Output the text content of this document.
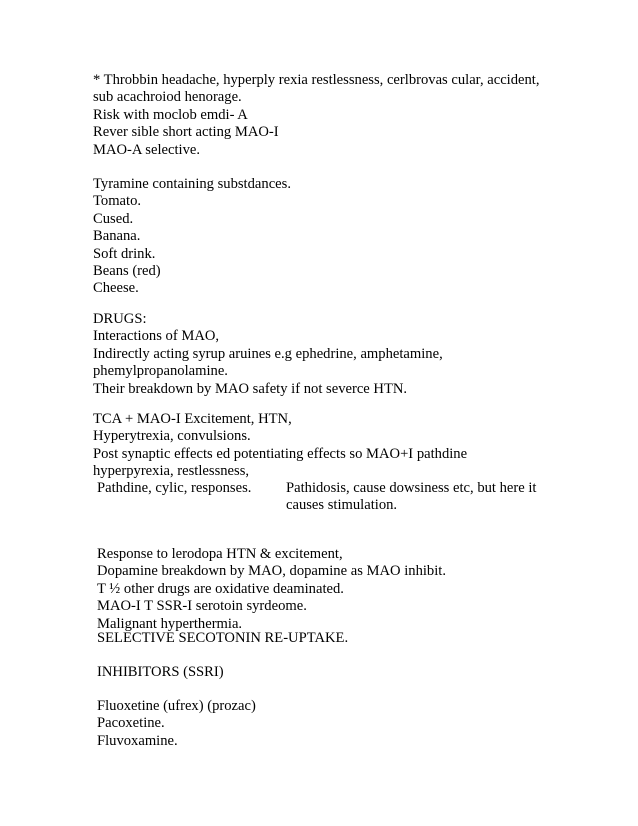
* Throbbin headache, hyperply rexia restlessness, cerlbrovas cular, accident,
sub acachroiod henorage.
Risk with moclob emdi- A
Rever sible short acting MAO-I
MAO-A selective.
Tyramine containing substdances.
Tomato.
Cused.
Banana.
Soft drink.
Beans (red)
Cheese.
DRUGS:
Interactions of MAO,
Indirectly acting syrup aruines e.g ephedrine, amphetamine,
phemylpropanolamine.
Their breakdown by MAO safety if not severce HTN.
TCA + MAO-I Excitement, HTN,
Hyperytrexia, convulsions.
Post synaptic effects ed potentiating effects so MAO+I pathdine
hyperpyrexia, restlessness,
Pathdine, cylic, responses. Pathidosis, cause dowsiness etc, but here it
causes stimulation.
Response to lerodopa HTN & excitement,
Dopamine breakdown by MAO, dopamine as MAO inhibit.
T ½ other drugs are oxidative deaminated.
MAO-I T SSR-I serotoin syrdeome.
Malignant hyperthermia.
SELECTIVE SECOTONIN RE-UPTAKE.
INHIBITORS (SSRI)
Fluoxetine (ufrex) (prozac)
Pacoxetine.
Fluvoxamine.
